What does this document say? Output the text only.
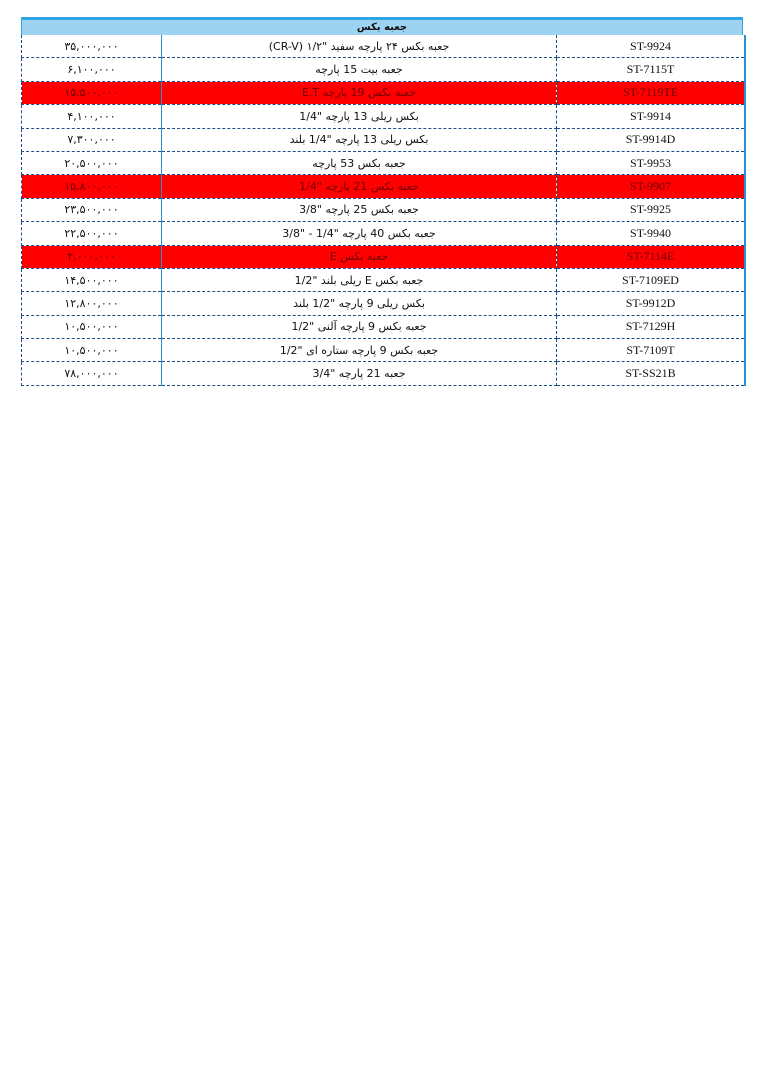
جعبه بکس
۳۵,۰۰۰,۰۰۰	جعبه بکس ۲۴ پارچه سفید "۱/۲ (CR-V)	ST-9924
۶,۱۰۰,۰۰۰	جعبه بیت 15 پارچه	ST-7115T
۱۵,۵۰۰,۰۰۰	جعبه بکس 19 پارچه E.T	ST-7119TE
۴,۱۰۰,۰۰۰	بکس ریلی 13 پارچه "1/4	ST-9914
۷,۳۰۰,۰۰۰	بکس ریلی 13 پارچه "1/4 بلند	ST-9914D
۲۰,۵۰۰,۰۰۰	جعبه بکس 53 پارچه	ST-9953
۱۵,۸۰۰,۰۰۰	جعبه بکس 21 پارچه "1/4	ST-9907
۲۳,۵۰۰,۰۰۰	جعبه بکس 25 پارچه "3/8	ST-9925
۲۲,۵۰۰,۰۰۰	جعبه بکس 40 پارچه "1/4 - "3/8	ST-9940
۲,۰۰۰,۰۰۰	جعبه بکس E	ST-7114E
۱۴,۵۰۰,۰۰۰	جعبه بکس E ریلی بلند "1/2	ST-7109ED
۱۲,۸۰۰,۰۰۰	بکس ریلی 9 پارچه "1/2 بلند	ST-9912D
۱۰,۵۰۰,۰۰۰	جعبه بکس 9 پارچه آلنی "1/2	ST-7129H
۱۰,۵۰۰,۰۰۰	جعبه بکس 9 پارچه ستاره ای "1/2	ST-7109T
۷۸,۰۰۰,۰۰۰	جعبه 21 پارچه "3/4	ST-SS21B
